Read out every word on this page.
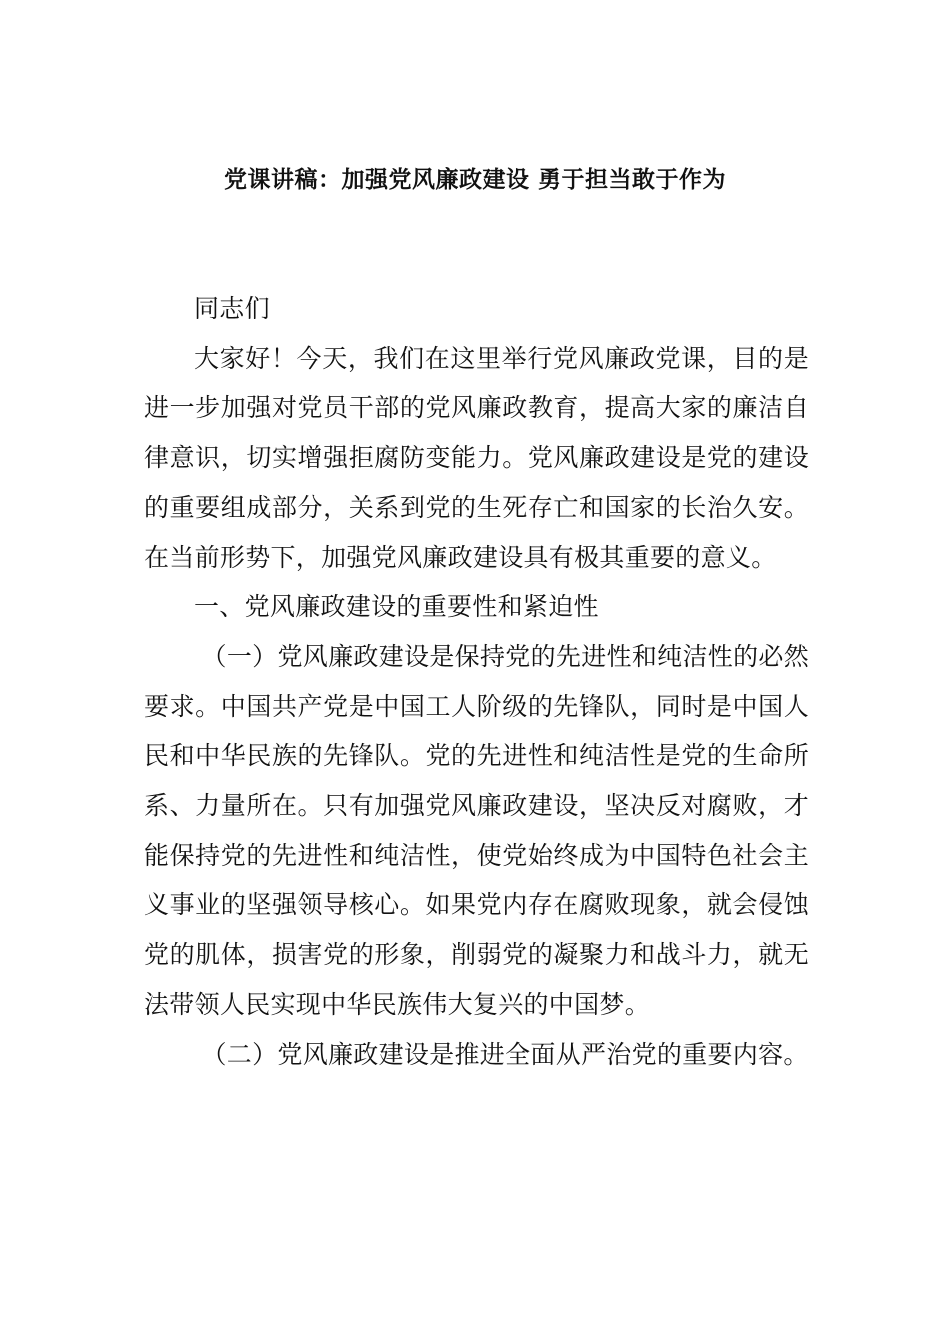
党课讲稿：加强党风廉政建设 勇于担当敢于作为

同志们

大家好！今天，我们在这里举行党风廉政党课，目的是进一步加强对党员干部的党风廉政教育，提高大家的廉洁自律意识，切实增强拒腐防变能力。党风廉政建设是党的建设的重要组成部分，关系到党的生死存亡和国家的长治久安。在当前形势下，加强党风廉政建设具有极其重要的意义。

一、党风廉政建设的重要性和紧迫性

（一）党风廉政建设是保持党的先进性和纯洁性的必然要求。中国共产党是中国工人阶级的先锋队，同时是中国人民和中华民族的先锋队。党的先进性和纯洁性是党的生命所系、力量所在。只有加强党风廉政建设，坚决反对腐败，才能保持党的先进性和纯洁性，使党始终成为中国特色社会主义事业的坚强领导核心。如果党内存在腐败现象，就会侵蚀党的肌体，损害党的形象，削弱党的凝聚力和战斗力，就无法带领人民实现中华民族伟大复兴的中国梦。

（二）党风廉政建设是推进全面从严治党的重要内容。
